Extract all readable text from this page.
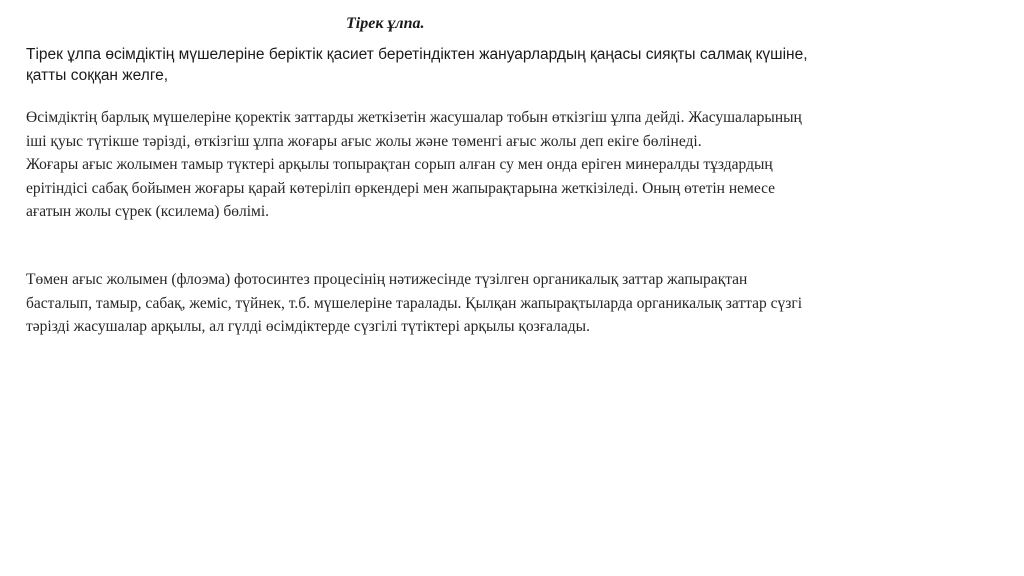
Тірек ұлпа.

Тірек ұлпа өсімдіктің мүшелеріне беріктік қасиет беретіндіктен жануарлардың қаңасы сияқты салмақ күшіне,
қатты соққан желге,

Өсімдіктің барлық мүшелеріне қоректік заттарды жеткізетін жасушалар тобын өткізгіш ұлпа дейді. Жасушаларының
іші қуыс түтікше тәрізді, өткізгіш ұлпа жоғары ағыс жолы және төменгі ағыс жолы деп екіге бөлінеді.
Жоғары ағыс жолымен тамыр түктері арқылы топырақтан сорып алған су мен онда еріген минералды тұздардың
ерітіндісі сабақ бойымен жоғары қарай көтеріліп өркендері мен жапырақтарына жеткізіледі. Оның өтетін немесе
ағатын жолы сүрек (ксилема) бөлімі.

Төмен ағыс жолымен (флоэма) фотосинтез процесінің нәтижесінде түзілген органикалық заттар жапырақтан
басталып, тамыр, сабақ, жеміс, түйнек, т.б. мүшелеріне таралады. Қылқан жапырақтыларда органикалық заттар сүзгі
тәрізді жасушалар арқылы, ал гүлді өсімдіктерде сүзгілі түтіктері арқылы қозғалады.
